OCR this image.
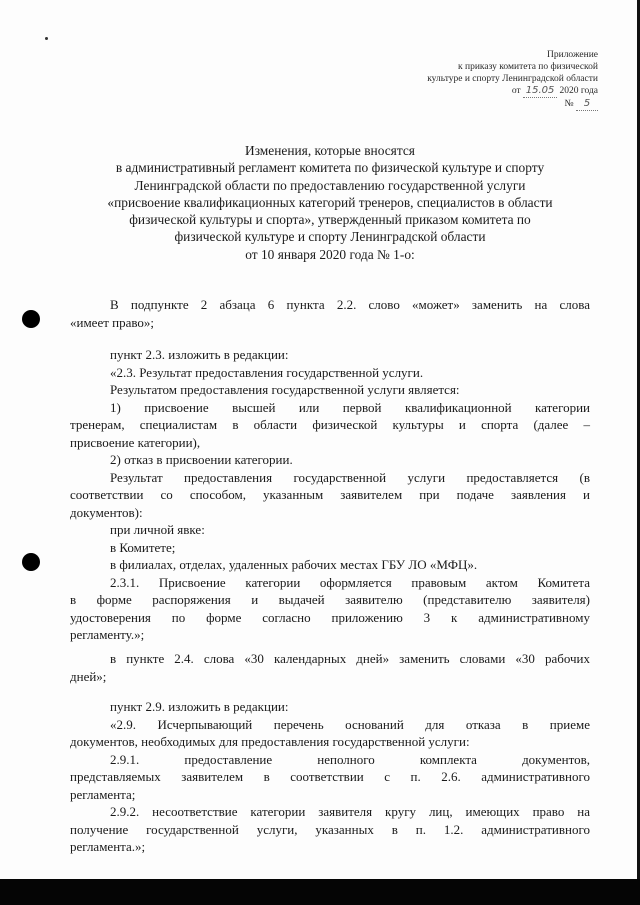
Приложение
к приказу комитета по физической
культуре и спорту Ленинградской области
от 15.05 2020 года
№ 5
Изменения, которые вносятся
в административный регламент комитета по физической культуре и спорту
Ленинградской области по предоставлению государственной услуги
«присвоение квалификационных категорий тренеров, специалистов в области
физической культуры и спорта», утвержденный приказом комитета по
физической культуре и спорту Ленинградской области
от 10 января 2020 года № 1-о:
В подпункте 2 абзаца 6 пункта 2.2. слово «может» заменить на слова
«имеет право»;
пункт 2.3. изложить в редакции:
«2.3. Результат предоставления государственной услуги.
Результатом предоставления государственной услуги является:
1) присвоение высшей или первой квалификационной категории
тренерам, специалистам в области физической культуры и спорта (далее –
присвоение категории),
2) отказ в присвоении категории.
Результат предоставления государственной услуги предоставляется (в
соответствии со способом, указанным заявителем при подаче заявления и
документов):
при личной явке:
в Комитете;
в филиалах, отделах, удаленных рабочих местах ГБУ ЛО «МФЦ».
2.3.1. Присвоение категории оформляется правовым актом Комитета
в форме распоряжения и выдачей заявителю (представителю заявителя)
удостоверения по форме согласно приложению 3 к административному
регламенту.»;
в пункте 2.4. слова «30 календарных дней» заменить словами «30 рабочих
дней»;
пункт 2.9. изложить в редакции:
«2.9. Исчерпывающий перечень оснований для отказа в приеме
документов, необходимых для предоставления государственной услуги:
2.9.1. предоставление неполного комплекта документов,
представляемых заявителем в соответствии с п. 2.6. административного
регламента;
2.9.2. несоответствие категории заявителя кругу лиц, имеющих право на
получение государственной услуги, указанных в п. 1.2. административного
регламента.»;
